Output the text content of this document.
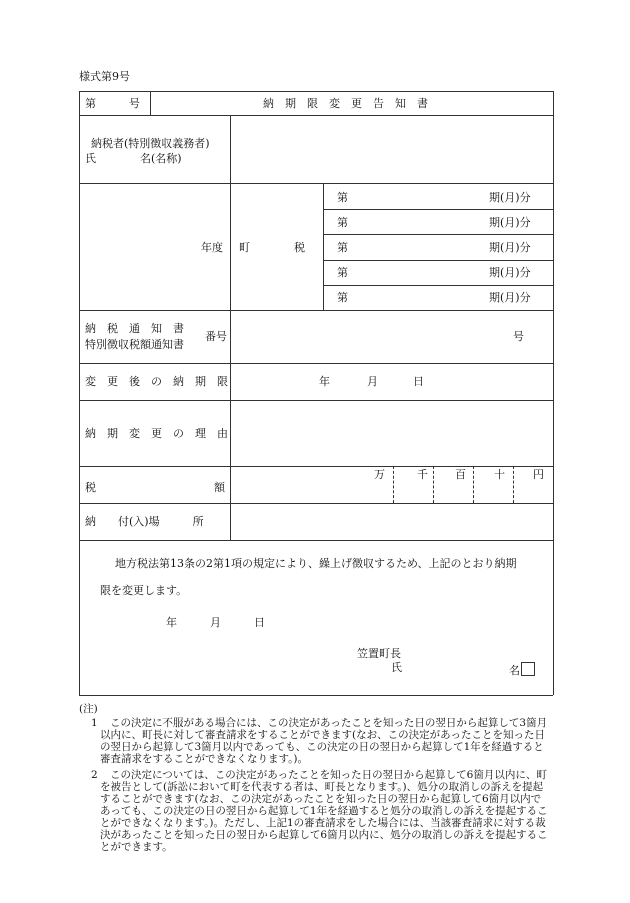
様式第9号
第　　　号	納　期　限　変　更　告　知　書
納税者(特別徴収義務者)
氏　　　　名(名称)
年度 町　　　　税
第	期(月)分
第	期(月)分
第	期(月)分
第	期(月)分
第	期(月)分
納　税　通　知　書
特別徴収税額通知書
番号	号
変　更　後　の　納　期　限	年	月	日
納　期　変　更　の　理　由
税	額
万	千 百	十	円
納　　付(入)場　　　所
地方税法第13条の2第1項の規定により、繰上げ徴収するため、上記のとおり納期
限を変更します。
年　　　月　　　日
笠置町長
氏	名
(注)
1	この決定に不服がある場合には、この決定があったことを知った日の翌日から起算して3箇月以内に、町長に対して審査請求をすることができます(なお、この決定があったことを知った日の翌日から起算して3箇月以内であっても、この決定の日の翌日から起算して1年を経過すると審査請求をすることができなくなります。)。
2	この決定については、この決定があったことを知った日の翌日から起算して6箇月以内に、町を被告として(訴訟において町を代表する者は、町長となります。)、処分の取消しの訴えを提起することができます(なお、この決定があったことを知った日の翌日から起算して6箇月以内であっても、この決定の日の翌日から起算して1年を経過すると処分の取消しの訴えを提起することができなくなります。)。ただし、上記1の審査請求をした場合には、当該審査請求に対する裁決があったことを知った日の翌日から起算して6箇月以内に、処分の取消しの訴えを提起することができます。
